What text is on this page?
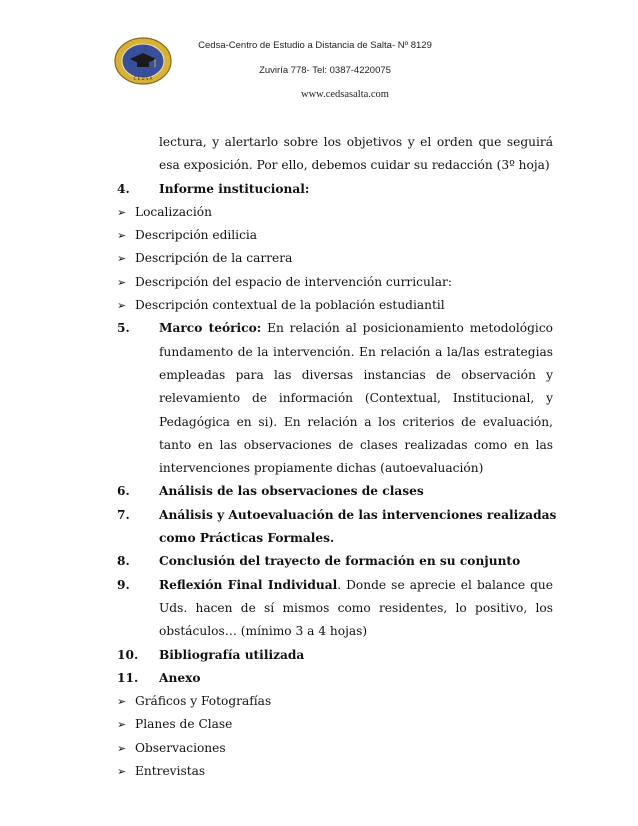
C E D S A
Cedsa-Centro de Estudio a Distancia de Salta- Nº 8129
Zuviría 778- Tel: 0387-4220075
www.cedsasalta.com
lectura, y alertarlo sobre los objetivos y el orden que seguirá
esa exposición. Por ello, debemos cuidar su redacción (3º hoja)
4. Informe institucional:
➢ Localización
➢ Descripción edilicia
➢ Descripción de la carrera
➢ Descripción del espacio de intervención curricular:
➢ Descripción contextual de la población estudiantil
5. Marco teórico: En relación al posicionamiento metodológico
fundamento de la intervención. En relación a la/las estrategias
empleadas para las diversas instancias de observación y
relevamiento de información (Contextual, Institucional, y
Pedagógica en si). En relación a los criterios de evaluación,
tanto en las observaciones de clases realizadas como en las
intervenciones propiamente dichas (autoevaluación)
6. Análisis de las observaciones de clases
7. Análisis y Autoevaluación de las intervenciones realizadas
como Prácticas Formales.
8. Conclusión del trayecto de formación en su conjunto
9. Reflexión Final Individual. Donde se aprecie el balance que
Uds. hacen de sí mismos como residentes, lo positivo, los
obstáculos… (mínimo 3 a 4 hojas)
10. Bibliografía utilizada
11. Anexo
➢ Gráficos y Fotografías
➢ Planes de Clase
➢ Observaciones
➢ Entrevistas
